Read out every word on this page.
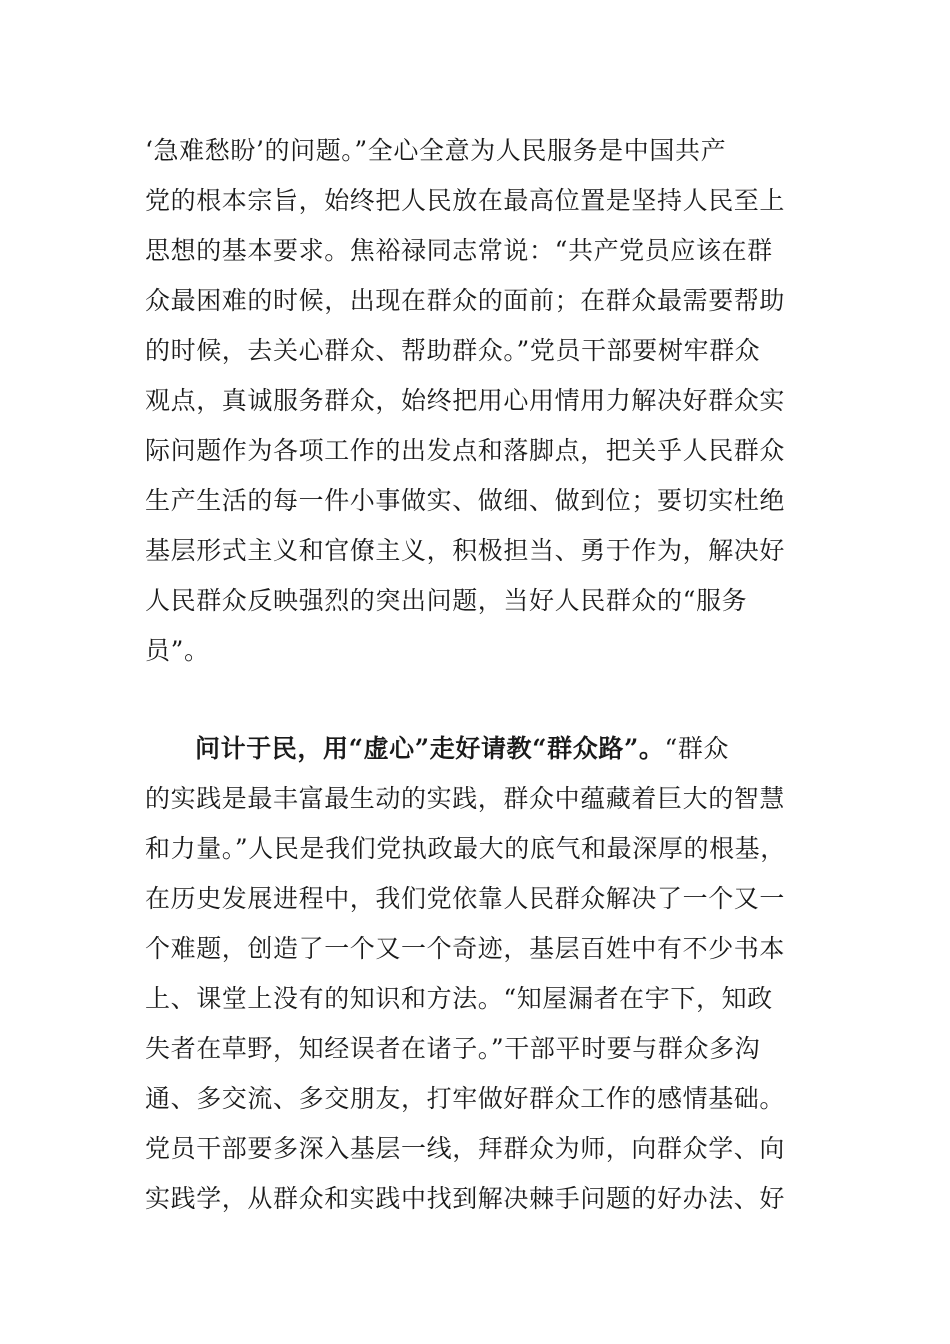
‘急难愁盼’的问题。”全心全意为人民服务是中国共产
党的根本宗旨，始终把人民放在最高位置是坚持人民至上
思想的基本要求。焦裕禄同志常说：“共产党员应该在群
众最困难的时候，出现在群众的面前；在群众最需要帮助
的时候，去关心群众、帮助群众。”党员干部要树牢群众
观点，真诚服务群众，始终把用心用情用力解决好群众实
际问题作为各项工作的出发点和落脚点，把关乎人民群众
生产生活的每一件小事做实、做细、做到位；要切实杜绝
基层形式主义和官僚主义，积极担当、勇于作为，解决好
人民群众反映强烈的突出问题，当好人民群众的“服务
员”。
问计于民，用“虚心”走好请教“群众路”。“群众
的实践是最丰富最生动的实践，群众中蕴藏着巨大的智慧
和力量。”人民是我们党执政最大的底气和最深厚的根基，
在历史发展进程中，我们党依靠人民群众解决了一个又一
个难题，创造了一个又一个奇迹，基层百姓中有不少书本
上、课堂上没有的知识和方法。“知屋漏者在宇下，知政
失者在草野，知经误者在诸子。”干部平时要与群众多沟
通、多交流、多交朋友，打牢做好群众工作的感情基础。
党员干部要多深入基层一线，拜群众为师，向群众学、向
实践学，从群众和实践中找到解决棘手问题的好办法、好
